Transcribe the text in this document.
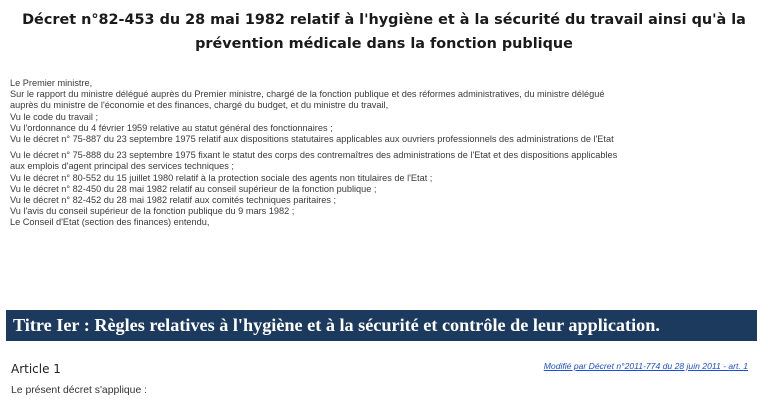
Décret n°82-453 du 28 mai 1982 relatif à l'hygiène et à la sécurité du travail ainsi qu'à la prévention médicale dans la fonction publique
Le Premier ministre,
Sur le rapport du ministre délégué auprès du Premier ministre, chargé de la fonction publique et des réformes administratives, du ministre délégué
auprès du ministre de l'économie et des finances, chargé du budget, et du ministre du travail,
Vu le code du travail ;
Vu l'ordonnance du 4 février 1959 relative au statut général des fonctionnaires ;
Vu le décret n° 75-887 du 23 septembre 1975 relatif aux dispositions statutaires applicables aux ouvriers professionnels des administrations de l'Etat
Vu le décret n° 75-888 du 23 septembre 1975 fixant le statut des corps des contremaîtres des administrations de l'Etat et des dispositions applicables
aux emplois d'agent principal des services techniques ;
Vu le décret n° 80-552 du 15 juillet 1980 relatif à la protection sociale des agents non titulaires de l'Etat ;
Vu le décret n° 82-450 du 28 mai 1982 relatif au conseil supérieur de la fonction publique ;
Vu le décret n° 82-452 du 28 mai 1982 relatif aux comités techniques paritaires ;
Vu l'avis du conseil supérieur de la fonction publique du 9 mars 1982 ;
Le Conseil d'Etat (section des finances) entendu,
Titre Ier : Règles relatives à l'hygiène et à la sécurité et contrôle de leur application.
Article 1	Modifié par Décret n°2011-774 du 28 juin 2011 - art. 1
Le présent décret s'applique :
